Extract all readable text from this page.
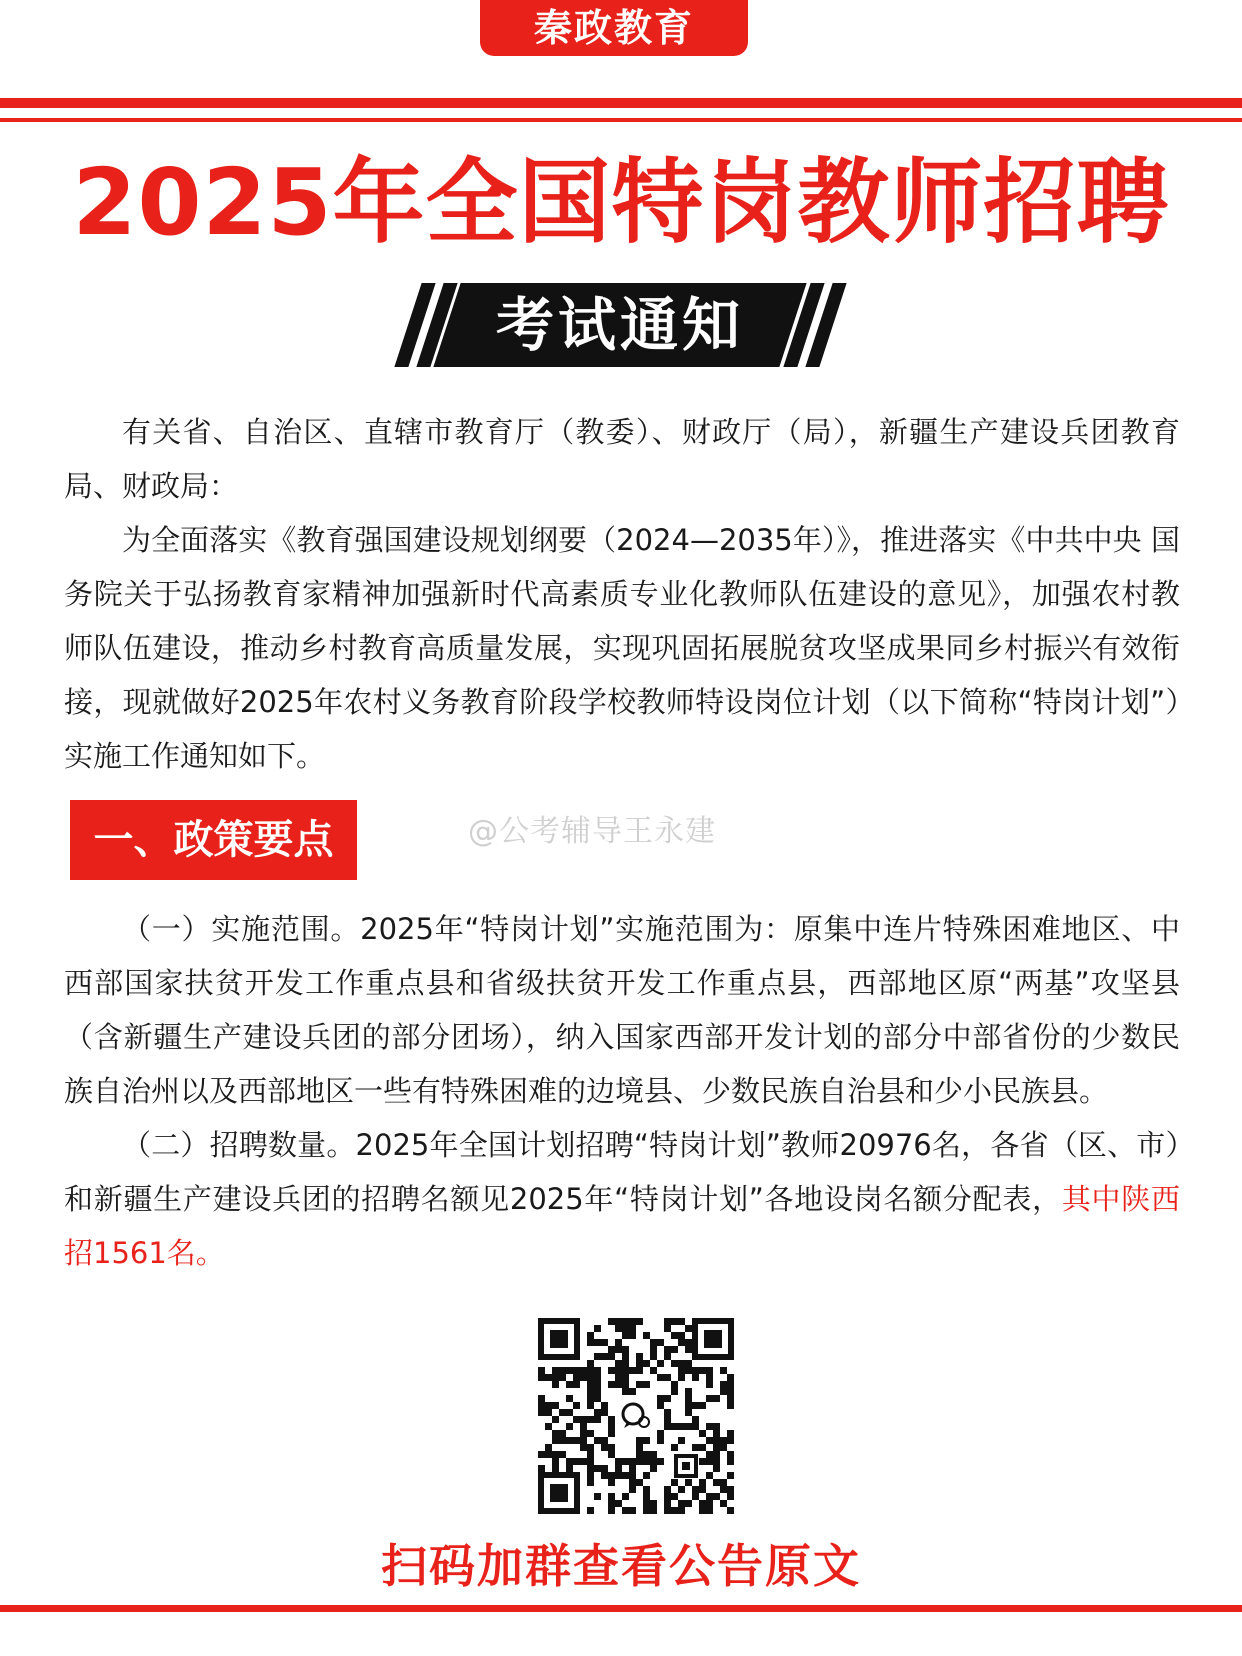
秦政教育
2025年全国特岗教师招聘
考试通知

有关省、自治区、直辖市教育厅（教委）、财政厅（局），新疆生产建设兵团教育局、财政局：

为全面落实《教育强国建设规划纲要（2024—2035年）》，推进落实《中共中央 国务院关于弘扬教育家精神加强新时代高素质专业化教师队伍建设的意见》，加强农村教师队伍建设，推动乡村教育高质量发展，实现巩固拓展脱贫攻坚成果同乡村振兴有效衔接，现就做好2025年农村义务教育阶段学校教师特设岗位计划（以下简称“特岗计划”）实施工作通知如下。

一、政策要点	@公考辅导王永建

（一）实施范围。2025年“特岗计划”实施范围为：原集中连片特殊困难地区、中西部国家扶贫开发工作重点县和省级扶贫开发工作重点县，西部地区原“两基”攻坚县（含新疆生产建设兵团的部分团场），纳入国家西部开发计划的部分中部省份的少数民族自治州以及西部地区一些有特殊困难的边境县、少数民族自治县和少小民族县。

（二）招聘数量。2025年全国计划招聘“特岗计划”教师20976名，各省（区、市）和新疆生产建设兵团的招聘名额见2025年“特岗计划”各地设岗名额分配表，其中陕西招1561名。

扫码加群查看公告原文
